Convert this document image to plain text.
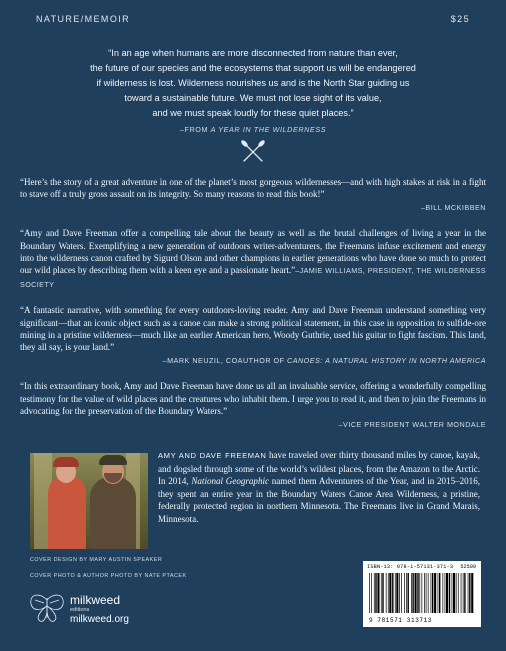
NATURE/MEMOIR	$25
“In an age when humans are more disconnected from nature than ever,
the future of our species and the ecosystems that support us will be endangered
if wilderness is lost. Wilderness nourishes us and is the North Star guiding us
toward a sustainable future. We must not lose sight of its value,
and we must speak loudly for these quiet places.”
–FROM A YEAR IN THE WILDERNESS
“Here’s the story of a great adventure in one of the planet’s most gorgeous wildernesses—and with high stakes at risk in a fight to stave off a truly gross assault on its integrity. So many reasons to read this book!”
–BILL MCKIBBEN
“Amy and Dave Freeman offer a compelling tale about the beauty as well as the brutal challenges of living a year in the Boundary Waters. Exemplifying a new generation of outdoors writer-adventurers, the Freemans infuse excitement and energy into the wilderness canon crafted by Sigurd Olson and other champions in earlier generations who have done so much to protect our wild places by describing them with a keen eye and a passionate heart.”–JAMIE WILLIAMS, PRESIDENT, THE WILDERNESS SOCIETY
“A fantastic narrative, with something for every outdoors-loving reader. Amy and Dave Freeman understand something very significant—that an iconic object such as a canoe can make a strong political statement, in this case in opposition to sulfide-ore mining in a pristine wilderness—much like an earlier American hero, Woody Guthrie, used his guitar to fight fascism. This land, they all say, is your land.”
–MARK NEUZIL, COAUTHOR OF CANOES: A NATURAL HISTORY IN NORTH AMERICA
“In this extraordinary book, Amy and Dave Freeman have done us all an invaluable service, offering a wonderfully compelling testimony for the value of wild places and the creatures who inhabit them. I urge you to read it, and then to join the Freemans in advocating for the preservation of the Boundary Waters.”
–VICE PRESIDENT WALTER MONDALE
AMY AND DAVE FREEMAN have traveled over thirty thousand miles by canoe, kayak, and dogsled through some of the world’s wildest places, from the Amazon to the Arctic. In 2014, National Geographic named them Adventurers of the Year, and in 2015–2016, they spent an entire year in the Boundary Waters Canoe Area Wilderness, a pristine, federally protected region in northern Minnesota. The Freemans live in Grand Marais, Minnesota.
COVER DESIGN BY MARY AUSTIN SPEAKER
COVER PHOTO & AUTHOR PHOTO BY NATE PTACEK
milkweed
editions
milkweed.org
ISBN-13: 978-1-57131-371-3
9 781571 313713
52500
